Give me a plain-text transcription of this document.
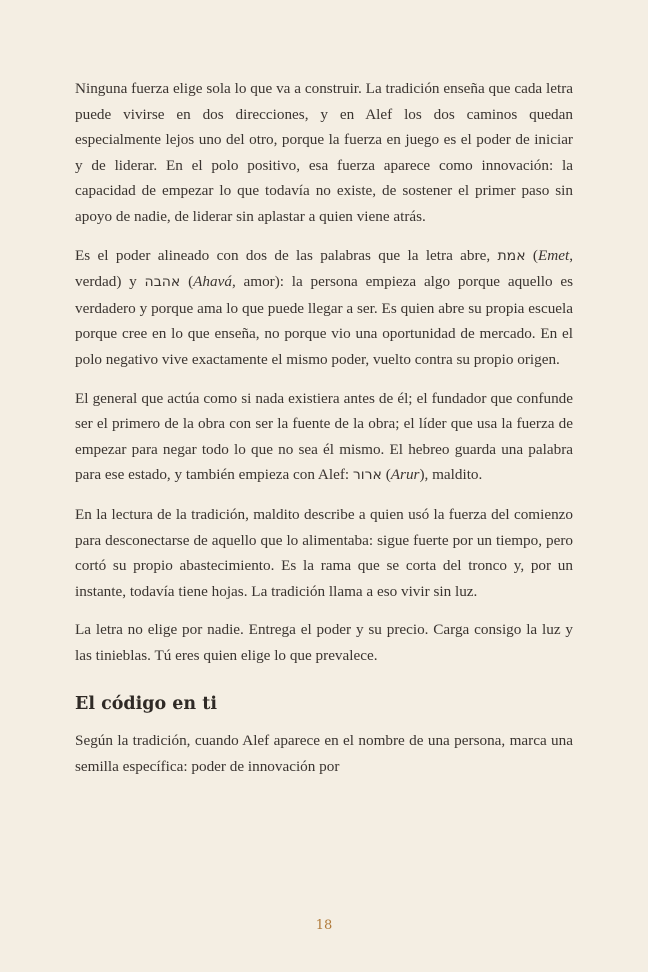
Ninguna fuerza elige sola lo que va a construir. La tradición enseña que cada letra puede vivirse en dos direcciones, y en Alef los dos caminos quedan especialmente lejos uno del otro, porque la fuerza en juego es el poder de iniciar y de liderar. En el polo positivo, esa fuerza aparece como innovación: la capacidad de empezar lo que todavía no existe, de sostener el primer paso sin apoyo de nadie, de liderar sin aplastar a quien viene atrás.

Es el poder alineado con dos de las palabras que la letra abre, אמת (Emet, verdad) y אהבה (Ahavá, amor): la persona empieza algo porque aquello es verdadero y porque ama lo que puede llegar a ser. Es quien abre su propia escuela porque cree en lo que enseña, no porque vio una oportunidad de mercado. En el polo negativo vive exactamente el mismo poder, vuelto contra su propio origen.

El general que actúa como si nada existiera antes de él; el fundador que confunde ser el primero de la obra con ser la fuente de la obra; el líder que usa la fuerza de empezar para negar todo lo que no sea él mismo. El hebreo guarda una palabra para ese estado, y también empieza con Alef: ארור (Arur), maldito.

En la lectura de la tradición, maldito describe a quien usó la fuerza del comienzo para desconectarse de aquello que lo alimentaba: sigue fuerte por un tiempo, pero cortó su propio abastecimiento. Es la rama que se corta del tronco y, por un instante, todavía tiene hojas. La tradición llama a eso vivir sin luz.

La letra no elige por nadie. Entrega el poder y su precio. Carga consigo la luz y las tinieblas. Tú eres quien elige lo que prevalece.

El código en ti

Según la tradición, cuando Alef aparece en el nombre de una persona, marca una semilla específica: poder de innovación por

18
